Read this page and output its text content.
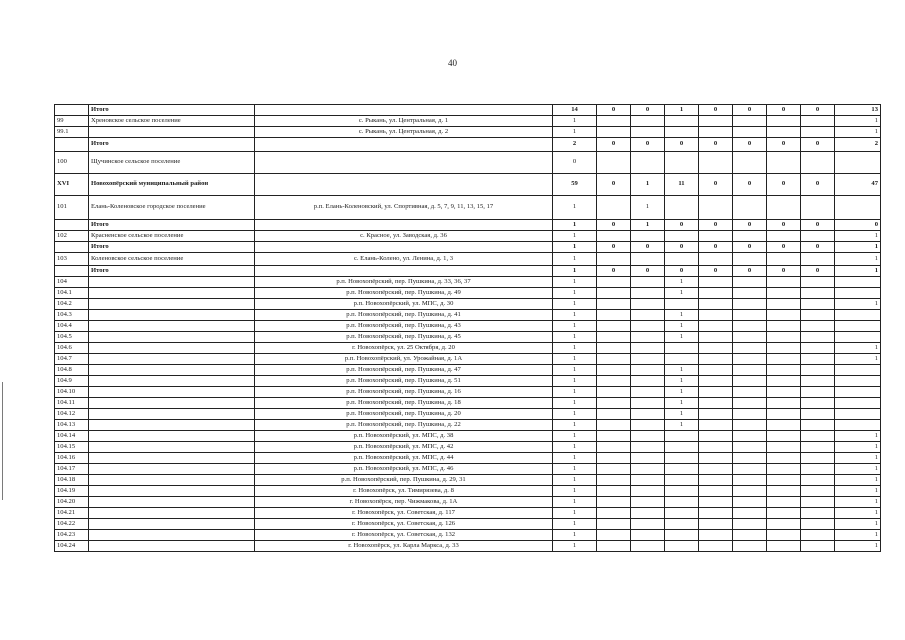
40
	Итого		14	0	0	1	0	0	0	0	13
99	Хреновское сельское поселение	с. Рыкань, ул. Центральная, д. 1	1								1
99.1		с. Рыкань, ул. Центральная, д. 2	1								1
	Итого		2	0	0	0	0	0	0	0	2
100	Щучинское сельское поселение		0								
XVI	Новохопёрский муниципальный район		59	0	1	11	0	0	0	0	47
101	Елань-Коленовское городское поселение	р.п. Елань-Коленовский, ул. Спортивная, д. 5, 7, 9, 11, 13, 15, 17	1		1						
	Итого		1	0	1	0	0	0	0	0	0
102	Красненское сельское поселение	с. Красное, ул. Заводская, д. 36	1								1
	Итого		1	0	0	0	0	0	0	0	1
103	Коленовское сельское поселение	с. Елань-Колено, ул. Ленина, д. 1, 3	1								1
	Итого		1	0	0	0	0	0	0	0	1
104		р.п. Новохопёрский, пер. Пушкина, д. 33, 36, 37	1			1					
104.1		р.п. Новохопёрский, пер. Пушкина, д. 49	1			1					
104.2		р.п. Новохопёрский, ул. МПС, д. 30	1								1
104.3		р.п. Новохопёрский, пер. Пушкина, д. 41	1			1					
104.4		р.п. Новохопёрский, пер. Пушкина, д. 43	1			1					
104.5		р.п. Новохопёрский, пер. Пушкина, д. 45	1			1					
104.6		г. Новохопёрск, ул. 25 Октября, д. 20	1								1
104.7		р.п. Новохопёрский, ул. Урожайная, д. 1А	1								1
104.8		р.п. Новохопёрский, пер. Пушкина, д. 47	1			1					
104.9		р.п. Новохопёрский, пер. Пушкина, д. 51	1			1					
104.10		р.п. Новохопёрский, пер. Пушкина, д. 16	1			1					
104.11		р.п. Новохопёрский, пер. Пушкина, д. 18	1			1					
104.12		р.п. Новохопёрский, пер. Пушкина, д. 20	1			1					
104.13		р.п. Новохопёрский, пер. Пушкина, д. 22	1			1					
104.14		р.п. Новохопёрский, ул. МПС, д. 38	1								1
104.15		р.п. Новохопёрский, ул. МПС, д. 42	1								1
104.16		р.п. Новохопёрский, ул. МПС, д. 44	1								1
104.17		р.п. Новохопёрский, ул. МПС, д. 46	1								1
104.18		р.п. Новохопёрский, пер. Пушкина, д. 29, 31	1								1
104.19		г. Новохопёрск, ул. Тимирязева, д. 8	1								1
104.20		г. Новохопёрск, пер. Чижмакова, д. 1А	1								1
104.21		г. Новохопёрск, ул. Советская, д. 117	1								1
104.22		г. Новохопёрск, ул. Советская, д. 126	1								1
104.23		г. Новохопёрск, ул. Советская, д. 132	1								1
104.24		г. Новохопёрск, ул. Карла Маркса, д. 33	1								1
